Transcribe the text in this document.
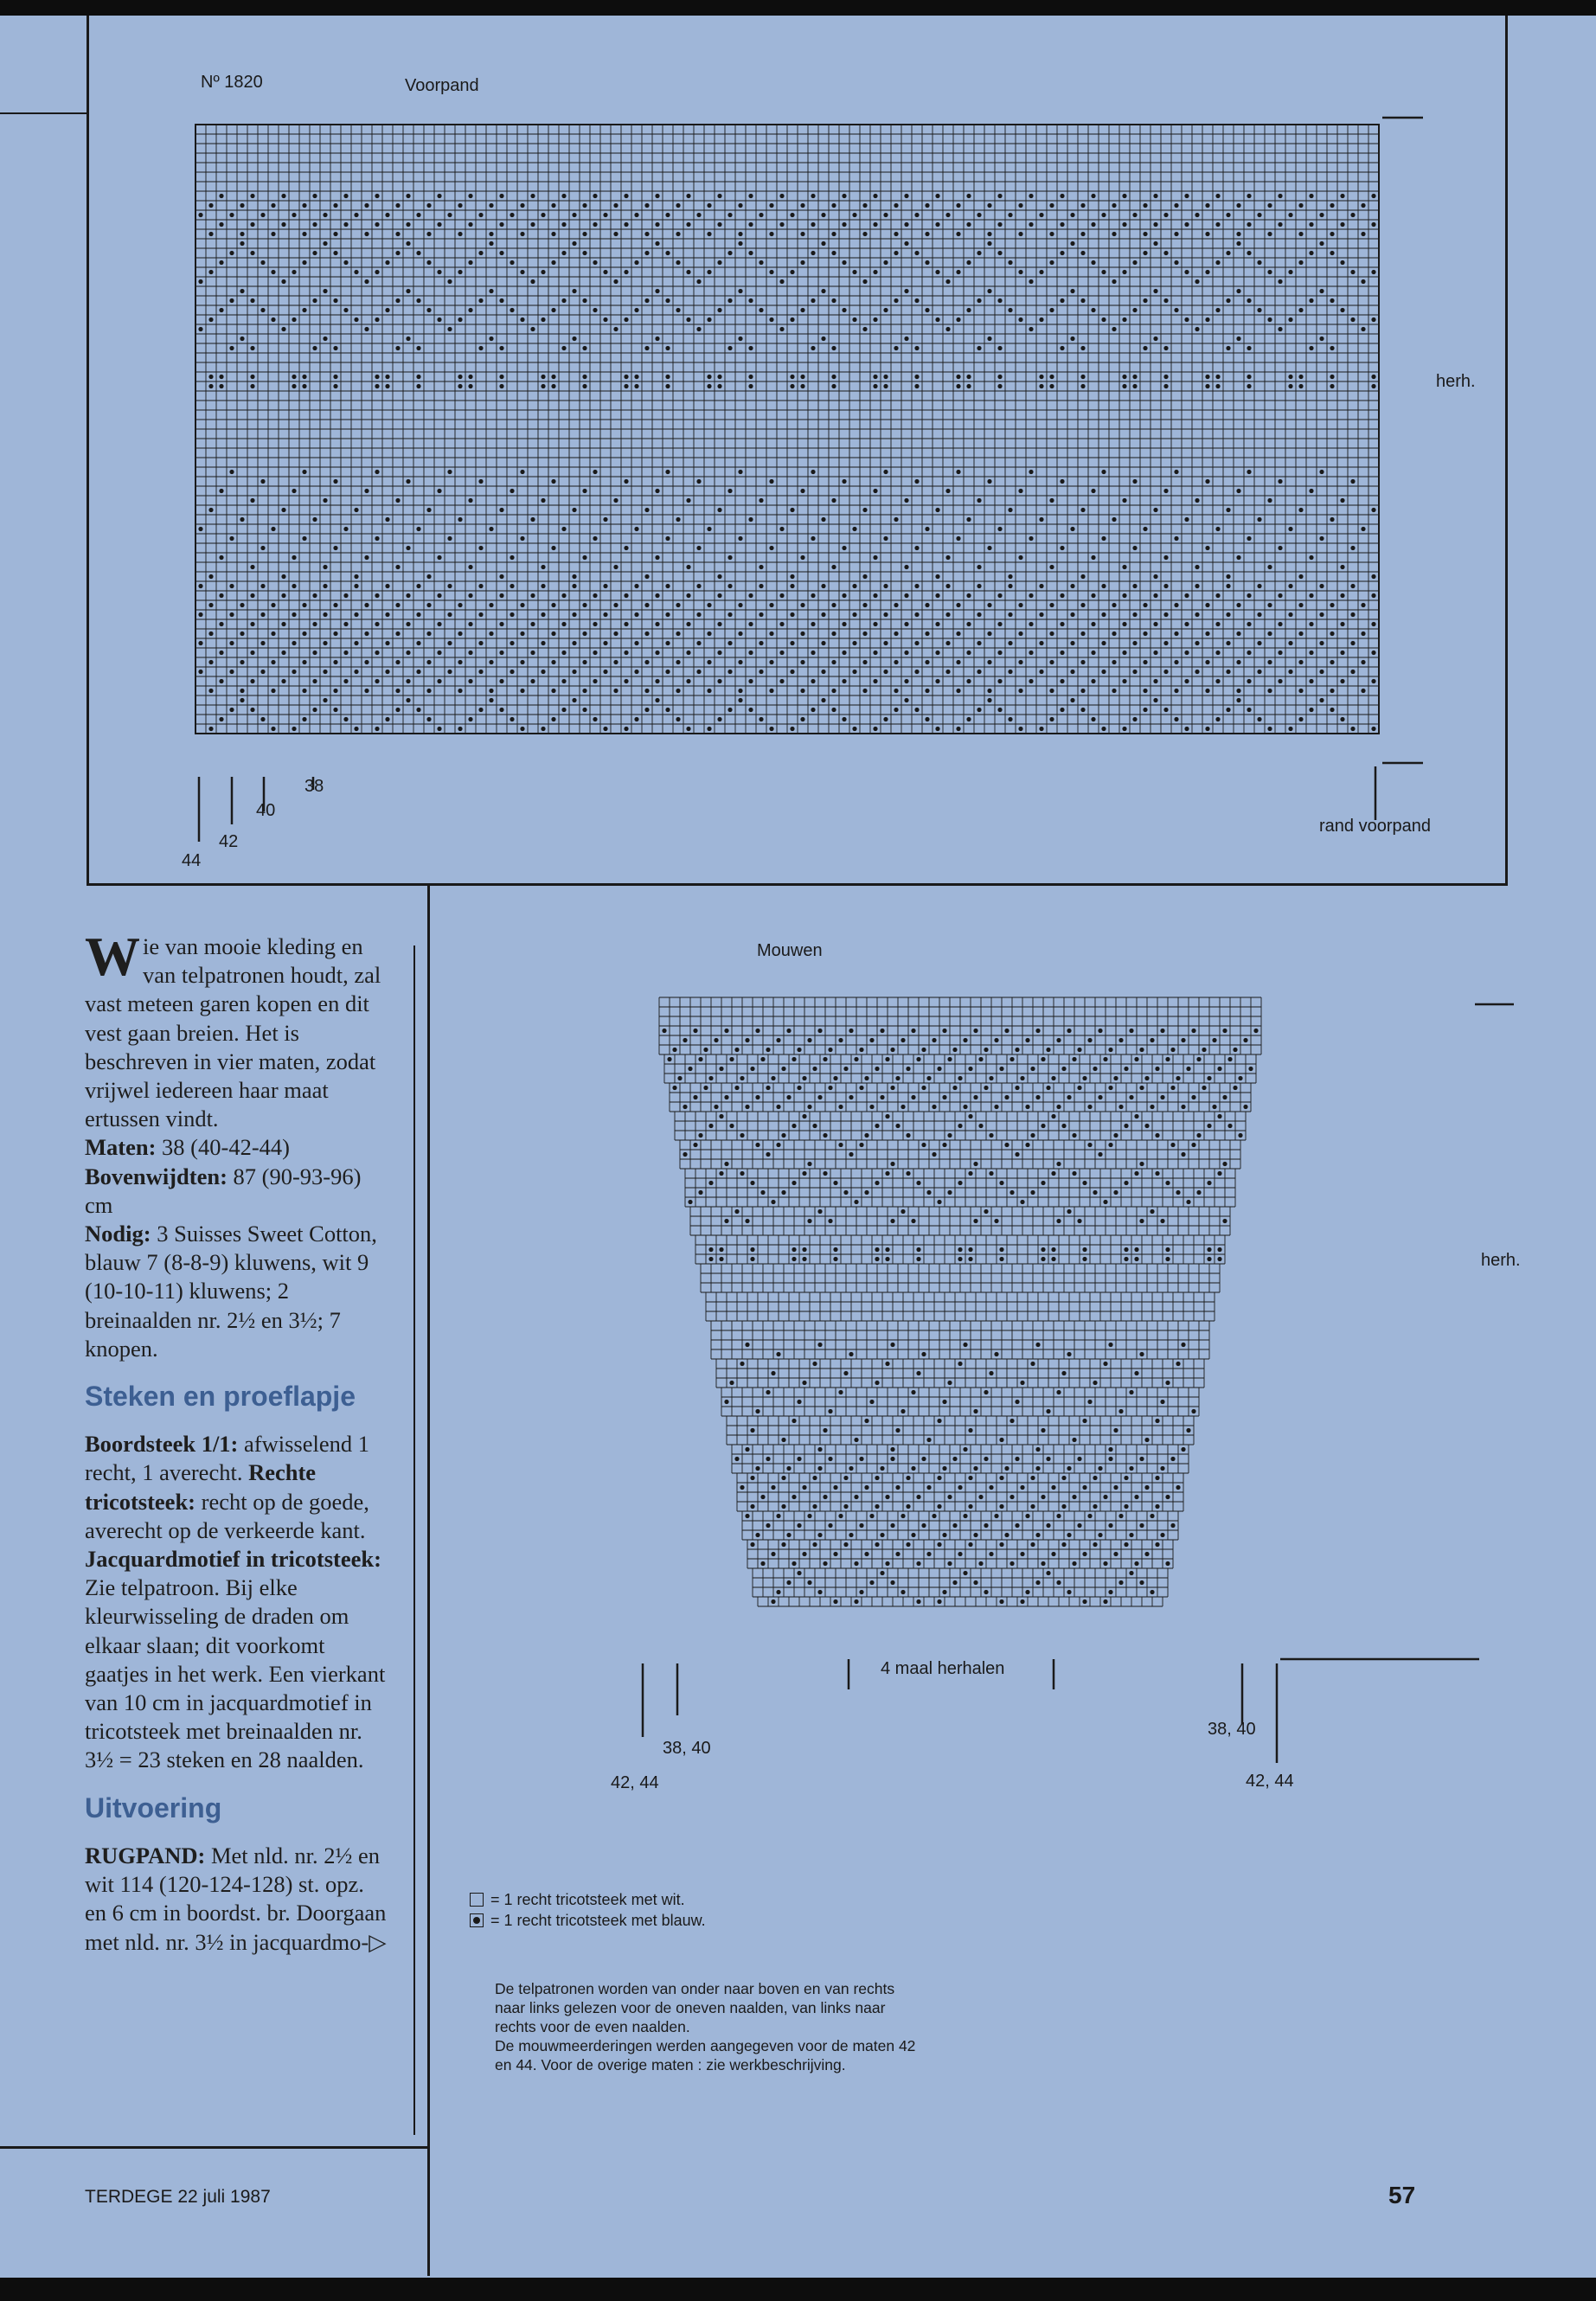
Nº 1820	Voorpand
herh.
rand voorpand
44
42
40
38
Mouwen
herh.
4 maal herhalen
38, 40
42, 44
38, 40
42, 44
= 1 recht tricotsteek met wit.
= 1 recht tricotsteek met blauw.
De telpatronen worden van onder naar boven en van rechts
naar links gelezen voor de oneven naalden, van links naar
rechts voor de even naalden.
De mouwmeerderingen werden aangegeven voor de maten 42
en 44. Voor de overige maten : zie werkbeschrijving.

Wie van mooie kleding en van telpatronen houdt, zal vast meteen garen kopen en dit vest gaan breien. Het is beschreven in vier maten, zodat vrijwel iedereen haar maat ertussen vindt.

Maten: 38 (40-42-44)

Bovenwijdten: 87 (90-93-96) cm

Nodig: 3 Suisses Sweet Cotton, blauw 7 (8-8-9) kluwens, wit 9 (10-10-11) kluwens; 2 breinaalden nr. 2½ en 3½; 7 knopen.

Steken en proeflapje

Boordsteek 1/1: afwisselend 1 recht, 1 averecht. Rechte tricotsteek: recht op de goede, averecht op de verkeerde kant. Jacquardmotief in tricotsteek: Zie telpatroon. Bij elke kleurwisseling de draden om elkaar slaan; dit voorkomt gaatjes in het werk. Een vierkant van 10 cm in jacquardmotief in tricotsteek met breinaalden nr. 3½ = 23 steken en 28 naalden.

Uitvoering

RUGPAND: Met nld. nr. 2½ en wit 114 (120-124-128) st. opz. en 6 cm in boordst. br. Doorgaan met nld. nr. 3½ in jacquardmo-▷

TERDEGE 22 juli 1987	57
